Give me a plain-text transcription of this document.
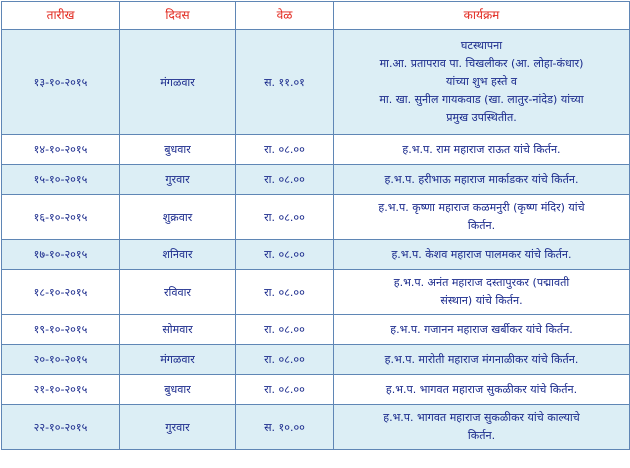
तारीख	दिवस	वेळ	कार्यक्रम
१३-१०-२०१५	मंगळवार	स. ११.०१	घटस्थापना
मा.आ. प्रतापराव पा. चिखलीकर (आ. लोहा-कंधार)
यांच्या शुभ हस्ते व
मा. खा. सुनील गायकवाड (खा. लातुर-नांदेड) यांच्या
प्रमुख उपस्थितीत.

१४-१०-२०१५	बुधवार	रा. ०८.००	ह.भ.प. राम महाराज राऊत यांचे किर्तन.

१५-१०-२०१५	गुरवार	रा. ०८.००	ह.भ.प. हरीभाऊ महाराज मार्काडकर यांचे किर्तन.

१६-१०-२०१५	शुक्रवार	रा. ०८.००	ह.भ.प. कृष्णा महाराज कळमनुरी (कृष्ण मंदिर) यांचे
किर्तन.

१७-१०-२०१५	शनिवार	रा. ०८.००	ह.भ.प. केशव महाराज पालमकर यांचे किर्तन.

१८-१०-२०१५	रविवार	रा. ०८.००	ह.भ.प. अनंत महाराज दस्तापुरकर (पद्मावती
संस्थान) यांचे किर्तन.

१९-१०-२०१५	सोमवार	रा. ०८.००	ह.भ.प. गजानन महाराज खर्बीकर यांचे किर्तन.

२०-१०-२०१५	मंगळवार	रा. ०८.००	ह.भ.प. मारोती महाराज मंगनाळीकर यांचे किर्तन.

२१-१०-२०१५	बुधवार	रा. ०८.००	ह.भ.प. भागवत महाराज सुकळीकर यांचे किर्तन.

२२-१०-२०१५	गुरवार	स. १०.००	ह.भ.प. भागवत महाराज सुकळीकर यांचे काल्याचे
किर्तन.
